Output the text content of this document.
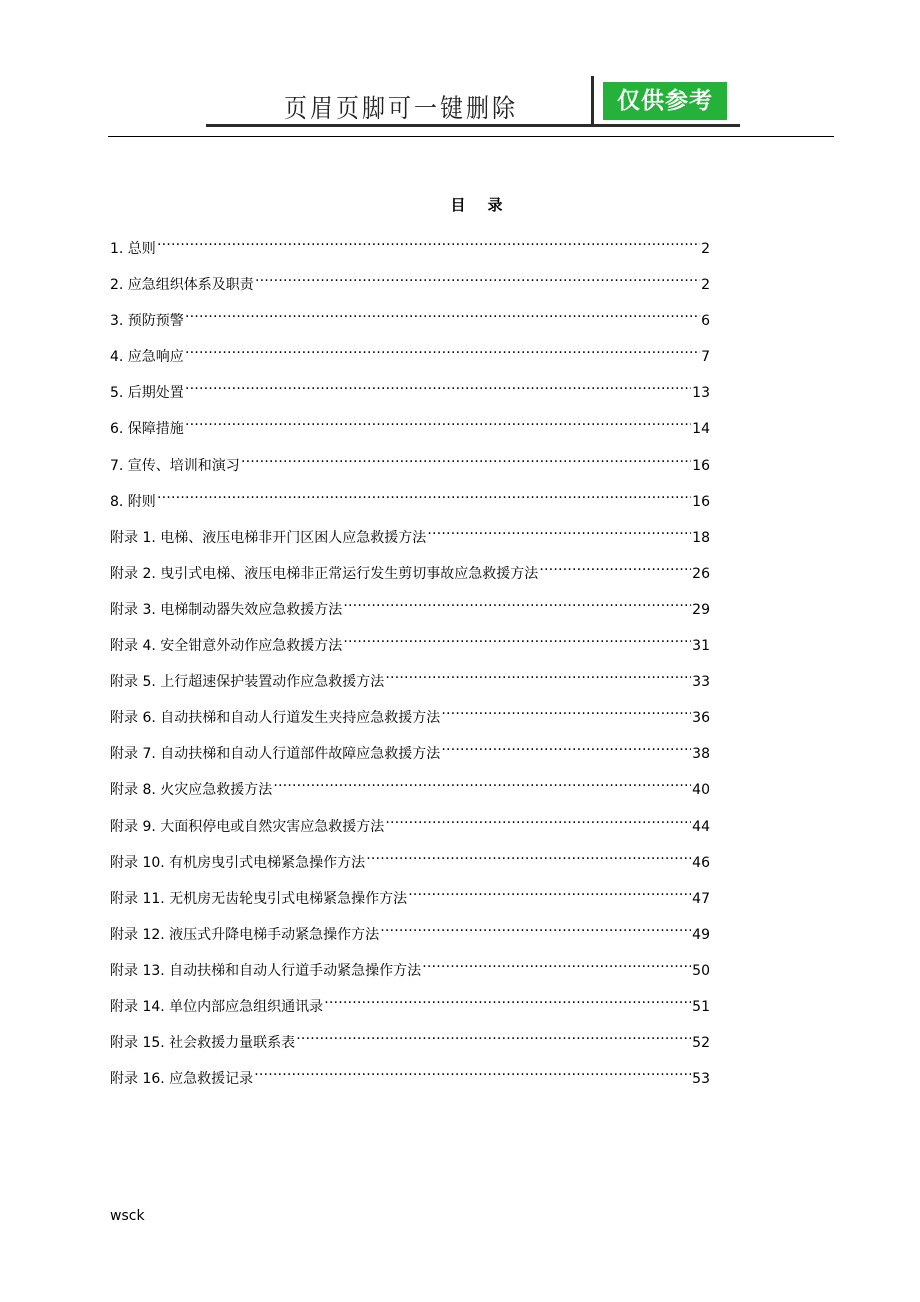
页眉页脚可一键删除	仅供参考
目录
1. 总则 …………………………………………………………………………………………………………………………………………………………………………	2
2. 应急组织体系及职责 …………………………………………………………………………………………………………………………………………………………………………	2
3. 预防预警 …………………………………………………………………………………………………………………………………………………………………………	6
4. 应急响应 …………………………………………………………………………………………………………………………………………………………………………	7
5. 后期处置 …………………………………………………………………………………………………………………………………………………………………………	13
6. 保障措施 …………………………………………………………………………………………………………………………………………………………………………	14
7. 宣传、培训和演习 …………………………………………………………………………………………………………………………………………………………………………	16
8. 附则 …………………………………………………………………………………………………………………………………………………………………………	16
附录 1. 电梯、液压电梯非开门区困人应急救援方法 …………………………………………………………………………………………………………………………………………………………………………	18
附录 2. 曳引式电梯、液压电梯非正常运行发生剪切事故应急救援方法 …………………………………………………………………………………………………………………………………………………………………………	26
附录 3. 电梯制动器失效应急救援方法 …………………………………………………………………………………………………………………………………………………………………………	29
附录 4. 安全钳意外动作应急救援方法 …………………………………………………………………………………………………………………………………………………………………………	31
附录 5. 上行超速保护装置动作应急救援方法 …………………………………………………………………………………………………………………………………………………………………………	33
附录 6. 自动扶梯和自动人行道发生夹持应急救援方法 …………………………………………………………………………………………………………………………………………………………………………	36
附录 7. 自动扶梯和自动人行道部件故障应急救援方法 …………………………………………………………………………………………………………………………………………………………………………	38
附录 8. 火灾应急救援方法 …………………………………………………………………………………………………………………………………………………………………………	40
附录 9. 大面积停电或自然灾害应急救援方法 …………………………………………………………………………………………………………………………………………………………………………	44
附录 10. 有机房曳引式电梯紧急操作方法 …………………………………………………………………………………………………………………………………………………………………………	46
附录 11. 无机房无齿轮曳引式电梯紧急操作方法 …………………………………………………………………………………………………………………………………………………………………………	47
附录 12. 液压式升降电梯手动紧急操作方法 …………………………………………………………………………………………………………………………………………………………………………	49
附录 13. 自动扶梯和自动人行道手动紧急操作方法 …………………………………………………………………………………………………………………………………………………………………………	50
附录 14. 单位内部应急组织通讯录 …………………………………………………………………………………………………………………………………………………………………………	51
附录 15. 社会救援力量联系表 …………………………………………………………………………………………………………………………………………………………………………	52
附录 16. 应急救援记录 …………………………………………………………………………………………………………………………………………………………………………	53
wsck
